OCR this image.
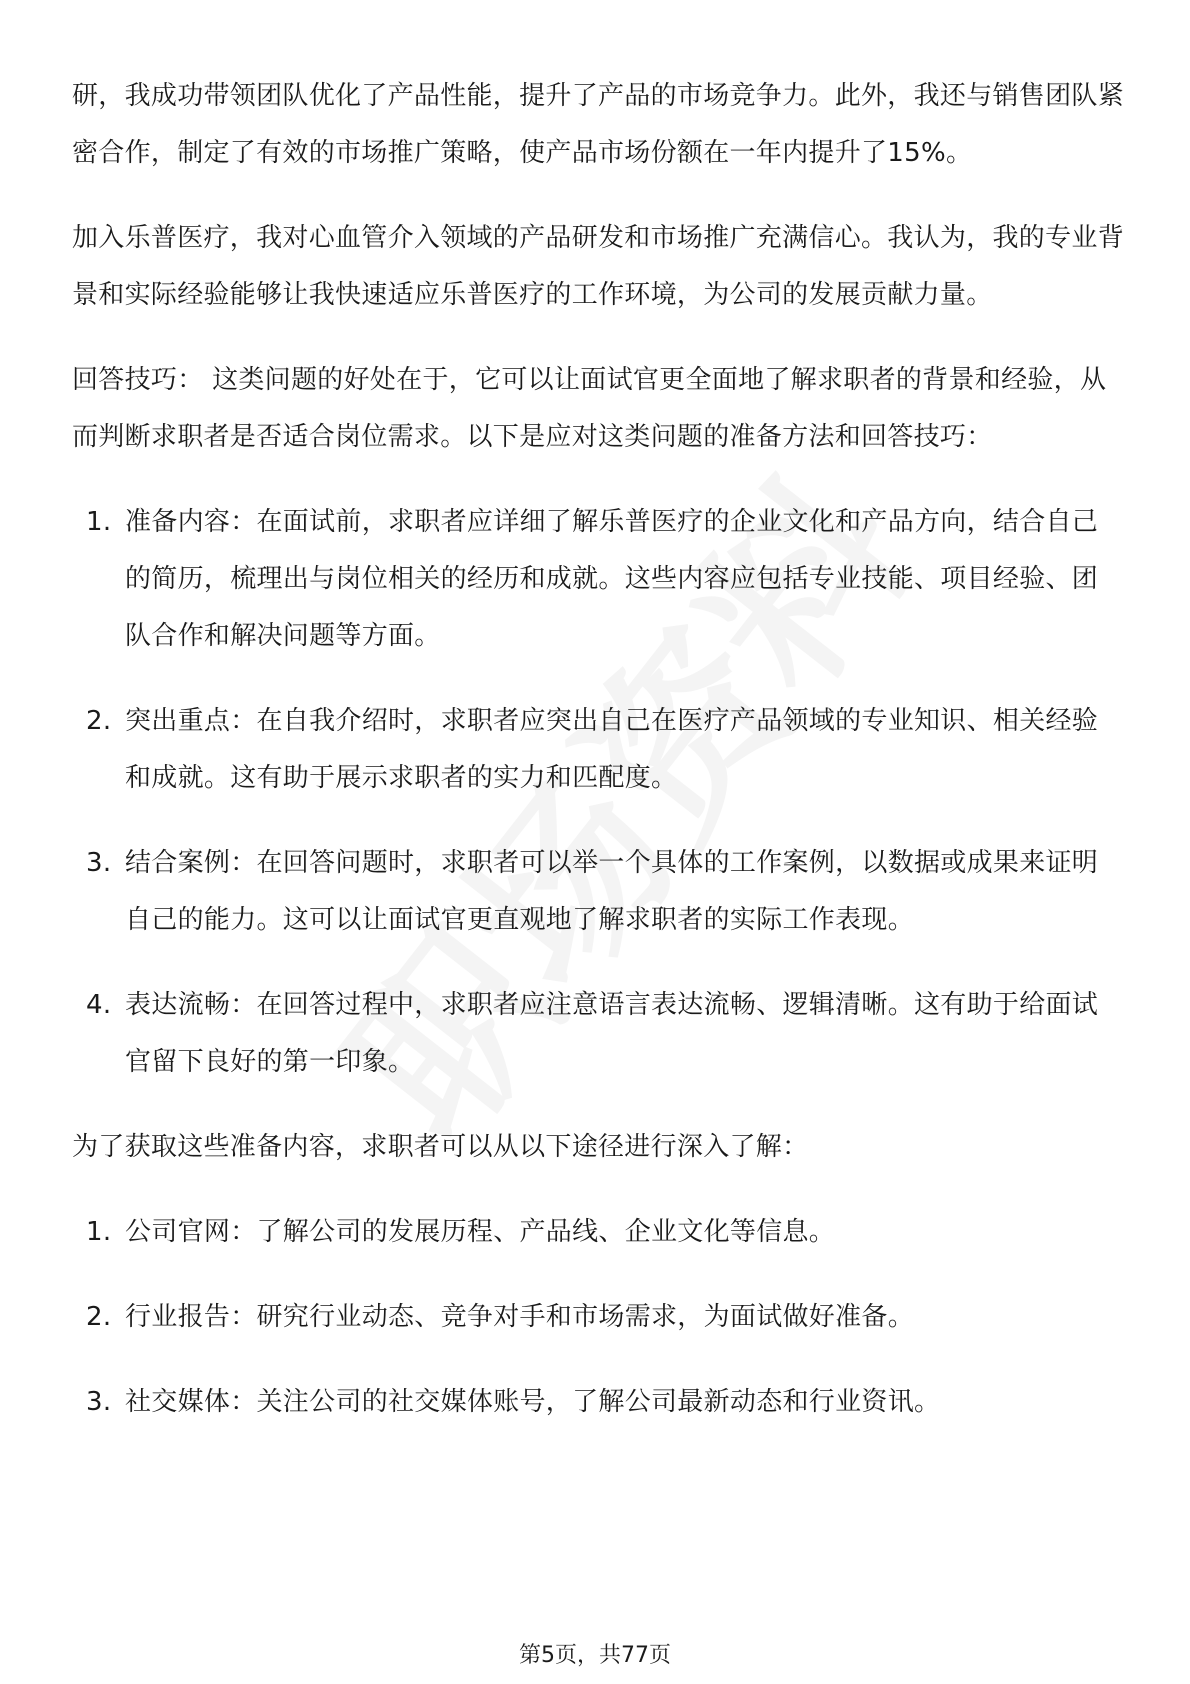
研，我成功带领团队优化了产品性能，提升了产品的市场竞争力。此外，我还与销售团队紧密合作，制定了有效的市场推广策略，使产品市场份额在一年内提升了15%。

加入乐普医疗，我对心血管介入领域的产品研发和市场推广充满信心。我认为，我的专业背景和实际经验能够让我快速适应乐普医疗的工作环境，为公司的发展贡献力量。

回答技巧： 这类问题的好处在于，它可以让面试官更全面地了解求职者的背景和经验，从而判断求职者是否适合岗位需求。以下是应对这类问题的准备方法和回答技巧：

1. 准备内容：在面试前，求职者应详细了解乐普医疗的企业文化和产品方向，结合自己的简历，梳理出与岗位相关的经历和成就。这些内容应包括专业技能、项目经验、团队合作和解决问题等方面。
2. 突出重点：在自我介绍时，求职者应突出自己在医疗产品领域的专业知识、相关经验和成就。这有助于展示求职者的实力和匹配度。
3. 结合案例：在回答问题时，求职者可以举一个具体的工作案例，以数据或成果来证明自己的能力。这可以让面试官更直观地了解求职者的实际工作表现。
4. 表达流畅：在回答过程中，求职者应注意语言表达流畅、逻辑清晰。这有助于给面试官留下良好的第一印象。

为了获取这些准备内容，求职者可以从以下途径进行深入了解：

1. 公司官网：了解公司的发展历程、产品线、企业文化等信息。
2. 行业报告：研究行业动态、竞争对手和市场需求，为面试做好准备。
3. 社交媒体：关注公司的社交媒体账号，了解公司最新动态和行业资讯。
第5页，共77页
